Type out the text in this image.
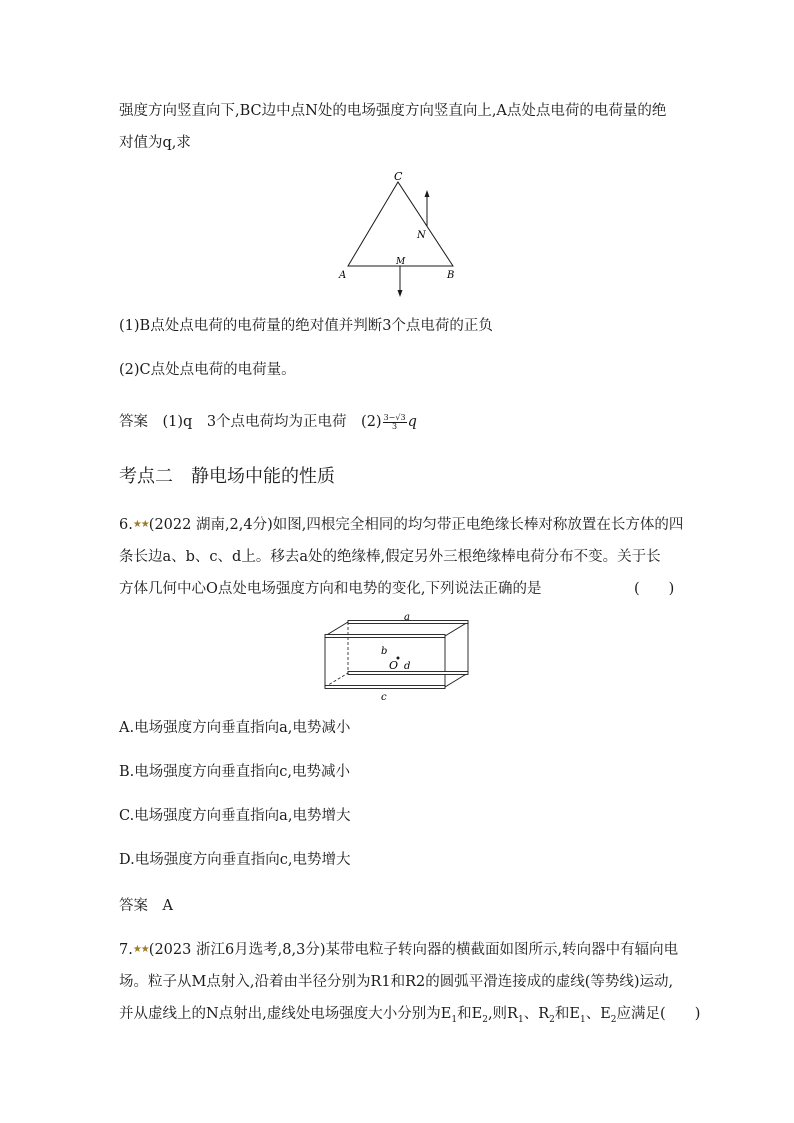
强度方向竖直向下,BC边中点N处的电场强度方向竖直向上,A点处点电荷的电荷量的绝
对值为q,求
C
N
A
M
B
(1)B点处点电荷的电荷量的绝对值并判断3个点电荷的正负
(2)C点处点电荷的电荷量。
答案　(1)q　3个点电荷均为正电荷　$(2) \frac{3-√3}{3}$ q
考点二　静电场中能的性质
6.★★(2022 湖南,2,4分)如图,四根完全相同的均匀带正电绝缘长棒对称放置在长方体的四
条长边a、b、c、d上。移去a处的绝缘棒,假定另外三根绝缘棒电荷分布不变。关于长
方体几何中心O点处电场强度方向和电势的变化,下列说法正确的是	(　　)
a
b
O d
c
A.电场强度方向垂直指向a,电势减小
B.电场强度方向垂直指向c,电势减小
C.电场强度方向垂直指向a,电势增大
D.电场强度方向垂直指向c,电势增大
答案　A
7.★★(2023 浙江6月选考,8,3分)某带电粒子转向器的横截面如图所示,转向器中有辐向电
场。粒子从M点射入,沿着由半径分别为R1和R2的圆弧平滑连接成的虚线(等势线)运动,
并从虚线上的N点射出,虚线处电场强度大小分别为$E_1$和$E_2$,则$R_1$、$R_2$和$E_1$、$E_2$应满足(　　)
